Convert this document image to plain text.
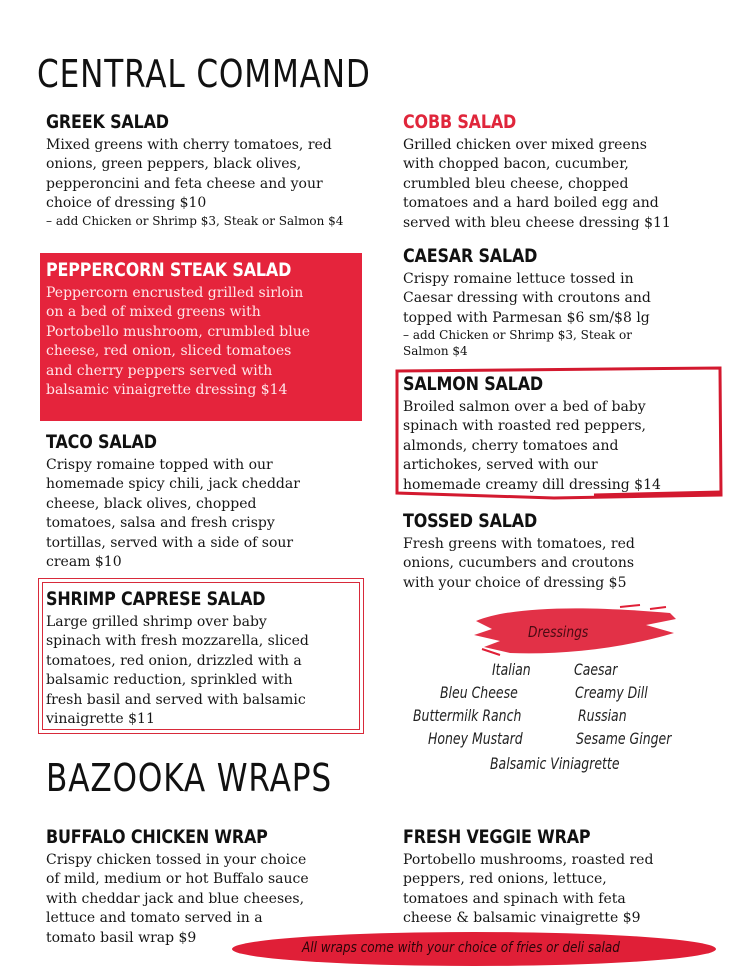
CENTRAL COMMAND
GREEK SALAD

Mixed greens with cherry tomatoes, red onions, green peppers, black olives, pepperoncini and feta cheese and your choice of dressing $10

– add Chicken or Shrimp $3, Steak or Salmon $4
PEPPERCORN STEAK SALAD

Peppercorn encrusted grilled sirloin on a bed of mixed greens with Portobello mushroom, crumbled blue cheese, red onion, sliced tomatoes and cherry peppers served with balsamic vinaigrette dressing $14

TACO SALAD

Crispy romaine topped with our homemade spicy chili, jack cheddar cheese, black olives, chopped tomatoes, salsa and fresh crispy tortillas, served with a side of sour cream $10

SHRIMP CAPRESE SALAD

Large grilled shrimp over baby spinach with fresh mozzarella, sliced tomatoes, red onion, drizzled with a balsamic reduction, sprinkled with fresh basil and served with balsamic vinaigrette $11

COBB SALAD

Grilled chicken over mixed greens with chopped bacon, cucumber, crumbled bleu cheese, chopped tomatoes and a hard boiled egg and served with bleu cheese dressing $11

CAESAR SALAD

Crispy romaine lettuce tossed in Caesar dressing with croutons and topped with Parmesan $6 sm/$8 lg

– add Chicken or Shrimp $3, Steak or Salmon $4
SALMON SALAD

Broiled salmon over a bed of baby spinach with roasted red peppers, almonds, cherry tomatoes and artichokes, served with our homemade creamy dill dressing $14

TOSSED SALAD

Fresh greens with tomatoes, red onions, cucumbers and croutons with your choice of dressing $5

Dressings
Italian	Caesar
Bleu Cheese	Creamy Dill
Buttermilk Ranch	Russian
Honey Mustard	Sesame Ginger
Balsamic Viniagrette
BAZOOKA WRAPS
BUFFALO CHICKEN WRAP

Crispy chicken tossed in your choice of mild, medium or hot Buffalo sauce with cheddar jack and blue cheeses, lettuce and tomato served in a tomato basil wrap $9

FRESH VEGGIE WRAP

Portobello mushrooms, roasted red peppers, red onions, lettuce, tomatoes and spinach with feta cheese & balsamic vinaigrette $9

All wraps come with your choice of fries or deli salad
